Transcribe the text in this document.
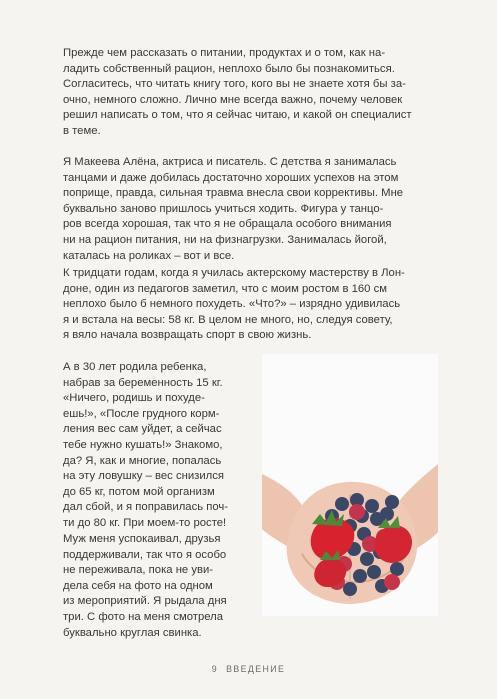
Прежде чем рассказать о питании, продуктах и о том, как на-
ладить собственный рацион, неплохо было бы познакомиться.
Согласитесь, что читать книгу того, кого вы не знаете хотя бы за-
очно, немного сложно. Лично мне всегда важно, почему человек
решил написать о том, что я сейчас читаю, и какой он специалист
в теме.

Я Макеева Алёна, актриса и писатель. С детства я занималась
танцами и даже добилась достаточно хороших успехов на этом
поприще, правда, сильная травма внесла свои коррективы. Мне
буквально заново пришлось учиться ходить. Фигура у танцо-
ров всегда хорошая, так что я не обращала особого внимания
ни на рацион питания, ни на физнагрузки. Занималась йогой,
каталась на роликах – вот и все.

К тридцати годам, когда я училась актерскому мастерству в Лон-
доне, один из педагогов заметил, что с моим ростом в 160 см
неплохо было б немного похудеть. «Что?» – изрядно удивилась
я и встала на весы: 58 кг. В целом не много, но, следуя совету,
я вяло начала возвращать спорт в свою жизнь.

А в 30 лет родила ребенка,
набрав за беременность 15 кг.
«Ничего, родишь и похуде-
ешь!», «После грудного корм-
ления вес сам уйдет, а сейчас
тебе нужно кушать!» Знакомо,
да? Я, как и многие, попалась
на эту ловушку – вес снизился
до 65 кг, потом мой организм
дал сбой, и я поправилась поч-
ти до 80 кг. При моем-то росте!

Муж меня успокаивал, друзья
поддерживали, так что я особо
не переживала, пока не уви-
дела себя на фото на одном
из мероприятий. Я рыдала дня
три. С фото на меня смотрела
буквально круглая свинка.

9 ВВЕДЕНИЕ
